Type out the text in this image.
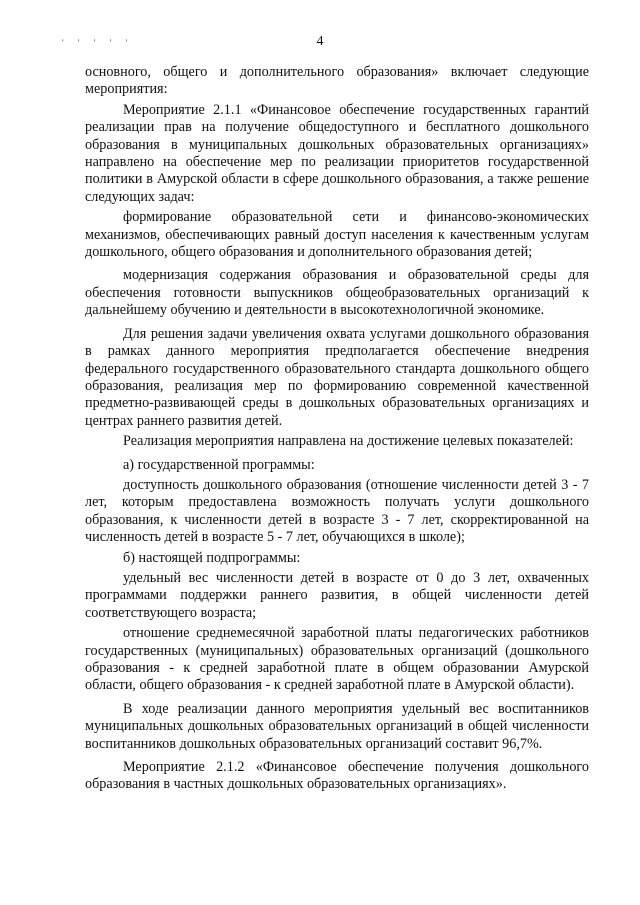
' ' ' ' '	4

основного, общего и дополнительного образования» включает следующие мероприятия:

Мероприятие 2.1.1 «Финансовое обеспечение государственных гарантий реализации прав на получение общедоступного и бесплатного дошкольного образования в муниципальных дошкольных образовательных организациях» направлено на обеспечение мер по реализации приоритетов государственной политики в Амурской области в сфере дошкольного образования, а также решение следующих задач:

формирование образовательной сети и финансово-экономических механизмов, обеспечивающих равный доступ населения к качественным услугам дошкольного, общего образования и дополнительного образования детей;

модернизация содержания образования и образовательной среды для обеспечения готовности выпускников общеобразовательных организаций к дальнейшему обучению и деятельности в высокотехнологичной экономике.

Для решения задачи увеличения охвата услугами дошкольного образования в рамках данного мероприятия предполагается обеспечение внедрения федерального государственного образовательного стандарта дошкольного общего образования, реализация мер по формированию современной качественной предметно-развивающей среды в дошкольных образовательных организациях и центрах раннего развития детей.

Реализация мероприятия направлена на достижение целевых показателей:

а) государственной программы:

доступность дошкольного образования (отношение численности детей 3 - 7 лет, которым предоставлена возможность получать услуги дошкольного образования, к численности детей в возрасте 3 - 7 лет, скорректированной на численность детей в возрасте 5 - 7 лет, обучающихся в школе);

б) настоящей подпрограммы:

удельный вес численности детей в возрасте от 0 до 3 лет, охваченных программами поддержки раннего развития, в общей численности детей соответствующего возраста;

отношение среднемесячной заработной платы педагогических работников государственных (муниципальных) образовательных организаций (дошкольного образования - к средней заработной плате в общем образовании Амурской области, общего образования - к средней заработной плате в Амурской области).

В ходе реализации данного мероприятия удельный вес воспитанников муниципальных дошкольных образовательных организаций в общей численности воспитанников дошкольных образовательных организаций составит 96,7%.

Мероприятие 2.1.2 «Финансовое обеспечение получения дошкольного образования в частных дошкольных образовательных организациях».
